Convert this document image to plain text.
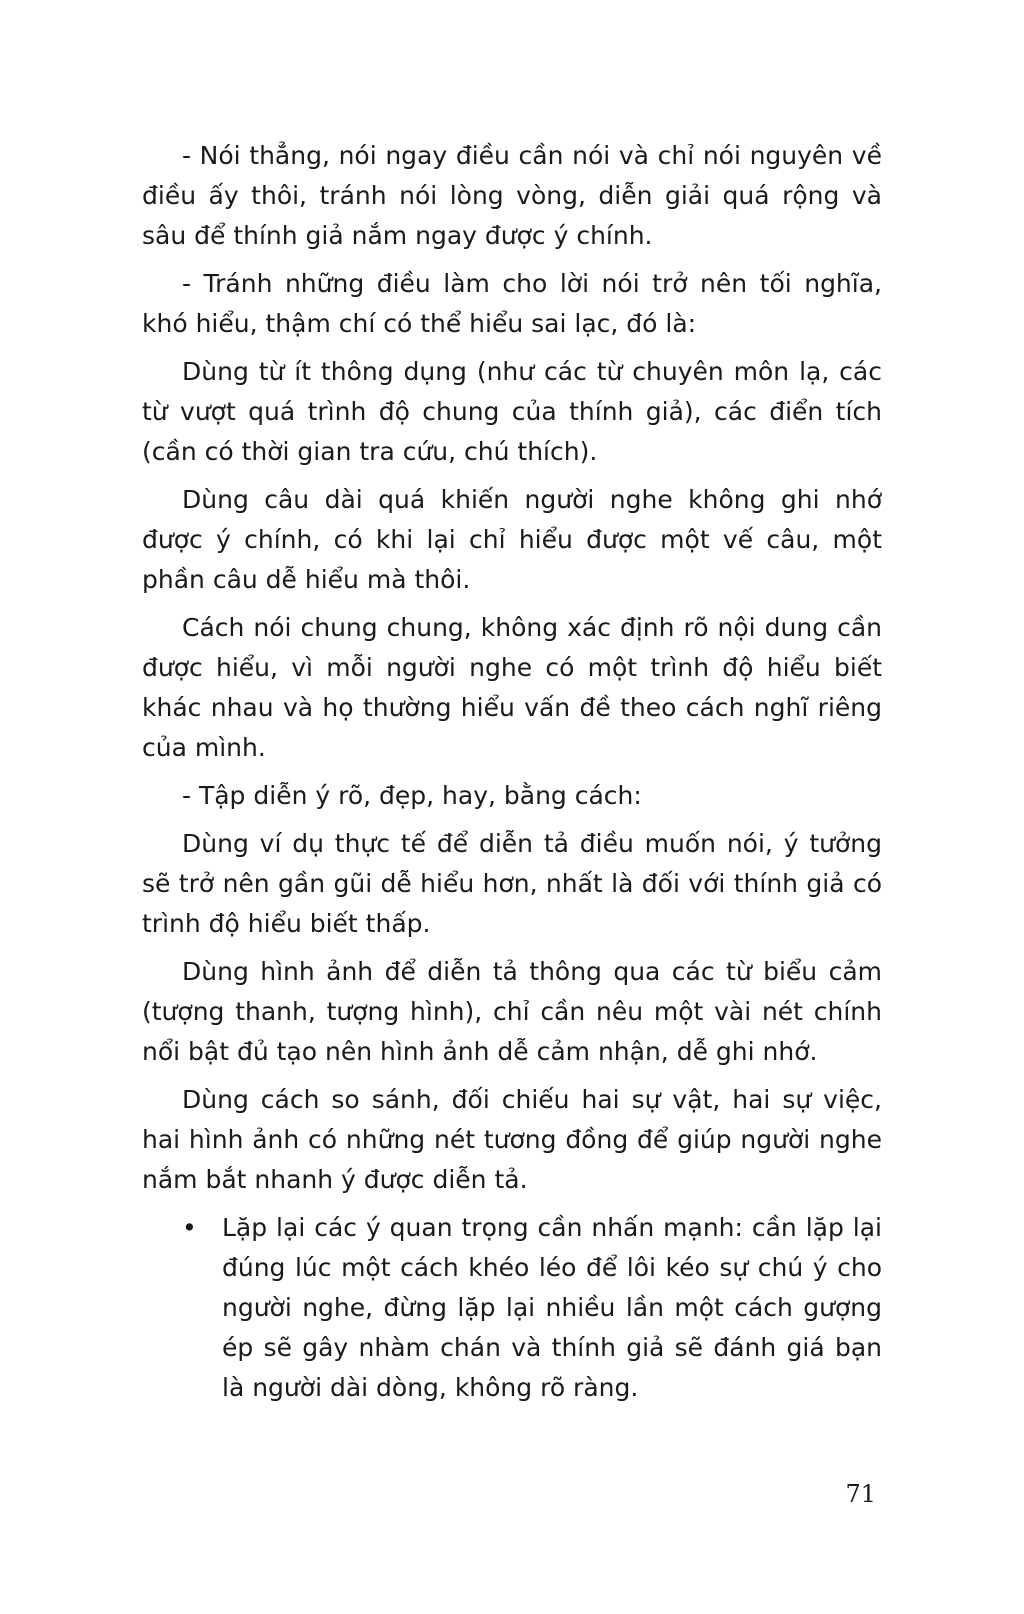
- Nói thẳng, nói ngay điều cần nói và chỉ nói nguyên về điều ấy thôi, tránh nói lòng vòng, diễn giải quá rộng và sâu để thính giả nắm ngay được ý chính.

- Tránh những điều làm cho lời nói trở nên tối nghĩa, khó hiểu, thậm chí có thể hiểu sai lạc, đó là:

Dùng từ ít thông dụng (như các từ chuyên môn lạ, các từ vượt quá trình độ chung của thính giả), các điển tích (cần có thời gian tra cứu, chú thích).

Dùng câu dài quá khiến người nghe không ghi nhớ được ý chính, có khi lại chỉ hiểu được một vế câu, một phần câu dễ hiểu mà thôi.

Cách nói chung chung, không xác định rõ nội dung cần được hiểu, vì mỗi người nghe có một trình độ hiểu biết khác nhau và họ thường hiểu vấn đề theo cách nghĩ riêng của mình.

- Tập diễn ý rõ, đẹp, hay, bằng cách:

Dùng ví dụ thực tế để diễn tả điều muốn nói, ý tưởng sẽ trở nên gần gũi dễ hiểu hơn, nhất là đối với thính giả có trình độ hiểu biết thấp.

Dùng hình ảnh để diễn tả thông qua các từ biểu cảm (tượng thanh, tượng hình), chỉ cần nêu một vài nét chính nổi bật đủ tạo nên hình ảnh dễ cảm nhận, dễ ghi nhớ.

Dùng cách so sánh, đối chiếu hai sự vật, hai sự việc, hai hình ảnh có những nét tương đồng để giúp người nghe nắm bắt nhanh ý được diễn tả.

• Lặp lại các ý quan trọng cần nhấn mạnh: cần lặp lại đúng lúc một cách khéo léo để lôi kéo sự chú ý cho người nghe, đừng lặp lại nhiều lần một cách gượng ép sẽ gây nhàm chán và thính giả sẽ đánh giá bạn là người dài dòng, không rõ ràng.
71
